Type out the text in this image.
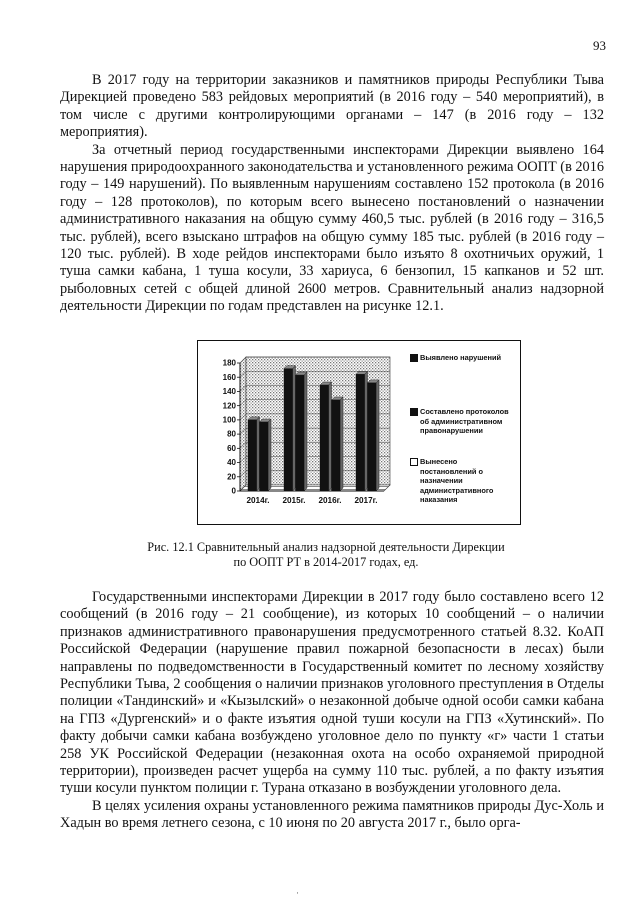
93

В 2017 году на территории заказников и памятников природы Республики Тыва Дирекцией проведено 583 рейдовых мероприятий (в 2016 году – 540 мероприятий), в том числе с другими контролирующими органами – 147 (в 2016 году – 132 мероприятия).

За отчетный период государственными инспекторами Дирекции выявлено 164 нарушения природоохранного законодательства и установленного режима ООПТ (в 2016 году – 149 нарушений). По выявленным нарушениям составлено 152 протокола (в 2016 году – 128 протоколов), по которым всего вынесено постановлений о назначении административного наказания на общую сумму 460,5 тыс. рублей (в 2016 году – 316,5 тыс. рублей), всего взыскано штрафов на общую сумму 185 тыс. рублей (в 2016 году – 120 тыс. рублей). В ходе рейдов инспекторами было изъято 8 охотничьих оружий, 1 туша самки кабана, 1 туша косули, 33 хариуса, 6 бензопил, 15 капканов и 52 шт. рыболовных сетей с общей длиной 2600 метров. Сравнительный анализ надзорной деятельности Дирекции по годам представлен на рисунке 12.1.

0
20
40
60
80
100
120
140
160
180
2014г. 2015г. 2016г. 2017г.
Выявлено нарушений
Составлено протоколов об административном правонарушении
Вынесено постановлений о назначении административного наказания
Рис. 12.1 Сравнительный анализ надзорной деятельности Дирекции
по ООПТ РТ в 2014-2017 годах, ед.

Государственными инспекторами Дирекции в 2017 году было составлено всего 12 сообщений (в 2016 году – 21 сообщение), из которых 10 сообщений – о наличии признаков административного правонарушения предусмотренного статьей 8.32. КоАП Российской Федерации (нарушение правил пожарной безопасности в лесах) были направлены по подведомственности в Государственный комитет по лесному хозяйству Республики Тыва, 2 сообщения о наличии признаков уголовного преступления в Отделы полиции «Тандинский» и «Кызылский» о незаконной добыче одной особи самки кабана на ГПЗ «Дургенский» и о факте изъятия одной туши косули на ГПЗ «Хутинский». По факту добычи самки кабана возбуждено уголовное дело по пункту «г» части 1 статьи 258 УК Российской Федерации (незаконная охота на особо охраняемой природной территории), произведен расчет ущерба на сумму 110 тыс. рублей, а по факту изъятия туши косули пунктом полиции г. Турана отказано в возбуждении уголовного дела.

В целях усиления охраны установленного режима памятников природы Дус-Холь и Хадын во время летнего сезона, с 10 июня по 20 августа 2017 г., было орга-

·
